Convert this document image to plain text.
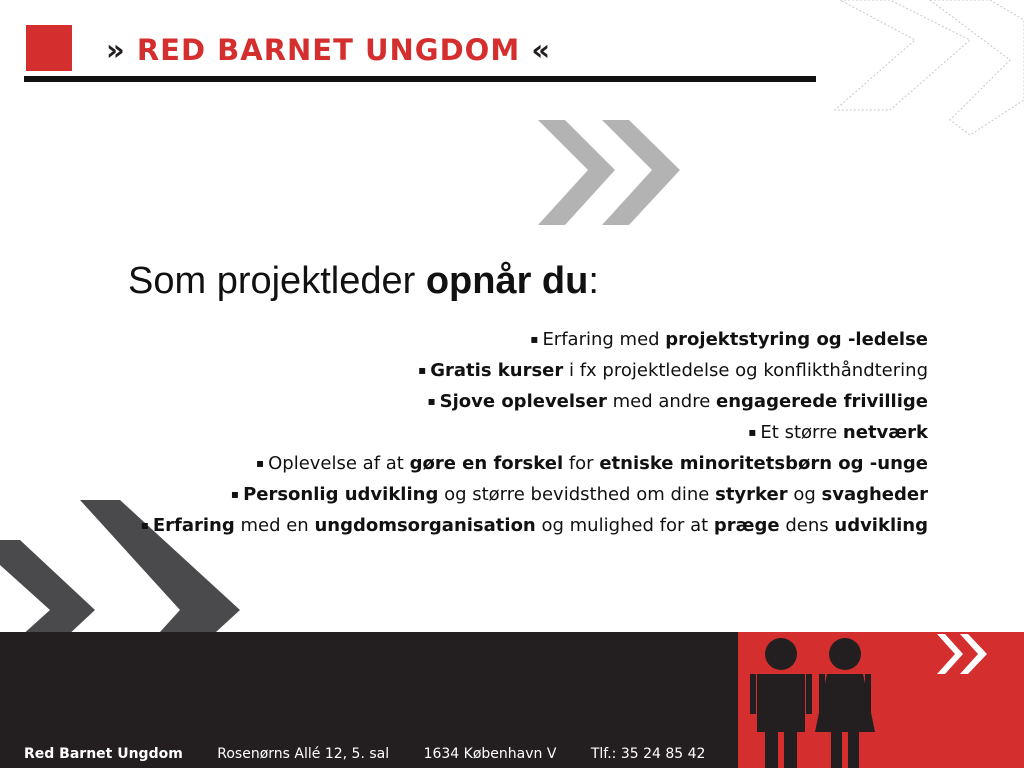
» RED BARNET UNGDOM «
Som projektleder opnår du:
▪ Erfaring med projektstyring og -ledelse
▪ Gratis kurser i fx projektledelse og konflikthåndtering
▪ Sjove oplevelser med andre engagerede frivillige
▪ Et større netværk
▪ Oplevelse af at gøre en forskel for etniske minoritetsbørn og -unge
▪ Personlig udvikling og større bevidsthed om dine styrker og svagheder
▪ Erfaring med en ungdomsorganisation og mulighed for at præge dens udvikling
Red Barnet Ungdom Rosenørns Allé 12, 5. sal 1634 København V Tlf.: 35 24 85 42
